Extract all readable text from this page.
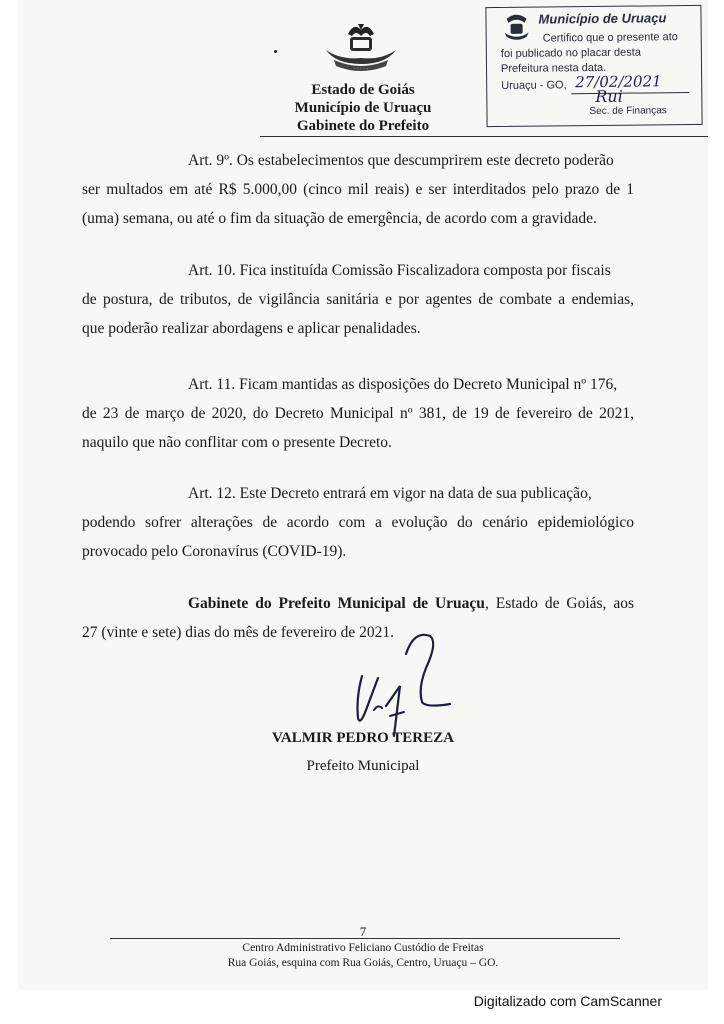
· · · · ·
Estado de Goiás
Município de Uruaçu
Gabinete do Prefeito
Município de Uruaçu
Certifico que o presente ato
foi publicado no placar desta
Prefeitura nesta data.
Uruaçu - GO, 27/02/2021
Rui
Sec. de Finanças
Art. 9º. Os estabelecimentos que descumprirem este decreto poderão
ser multados em até R$ 5.000,00 (cinco mil reais) e ser interditados pelo prazo de 1
(uma) semana, ou até o fim da situação de emergência, de acordo com a gravidade.
Art. 10. Fica instituída Comissão Fiscalizadora composta por fiscais
de postura, de tributos, de vigilância sanitária e por agentes de combate a endemias,
que poderão realizar abordagens e aplicar penalidades.
Art. 11. Ficam mantidas as disposições do Decreto Municipal nº 176,
de 23 de março de 2020, do Decreto Municipal nº 381, de 19 de fevereiro de 2021,
naquilo que não conflitar com o presente Decreto.
Art. 12. Este Decreto entrará em vigor na data de sua publicação,
podendo sofrer alterações de acordo com a evolução do cenário epidemiológico
provocado pelo Coronavírus (COVID-19).
Gabinete do Prefeito Municipal de Uruaçu, Estado de Goiás, aos
27 (vinte e sete) dias do mês de fevereiro de 2021.
VALMIR PEDRO TEREZA
Prefeito Municipal
7
Centro Administrativo Feliciano Custódio de Freitas
Rua Goiás, esquina com Rua Goiás, Centro, Uruaçu – GO.
Digitalizado com CamScanner
